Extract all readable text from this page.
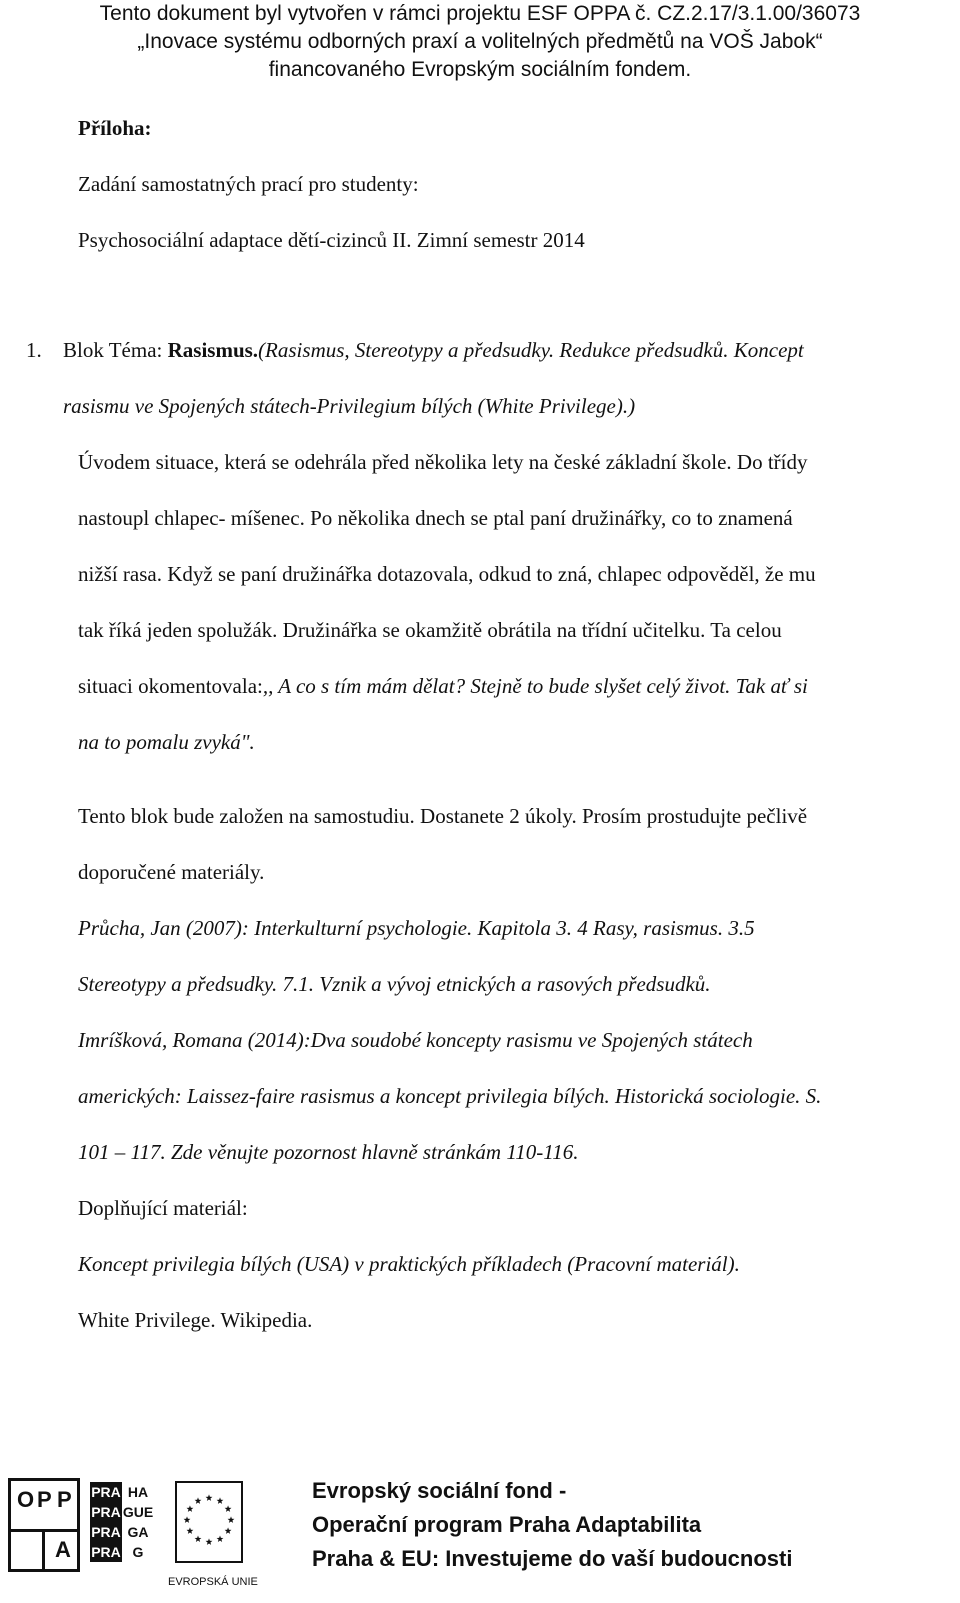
Tento dokument byl vytvořen v rámci projektu ESF OPPA č. CZ.2.17/3.1.00/36073
„Inovace systému odborných praxí a volitelných předmětů na VOŠ Jabok“
financovaného Evropským sociálním fondem.
Příloha:
Zadání samostatných prací pro studenty:
Psychosociální adaptace dětí-cizinců II. Zimní semestr 2014
1. Blok Téma: Rasismus.(Rasismus, Stereotypy a předsudky. Redukce předsudků. Koncept
rasismu ve Spojených státech-Privilegium bílých (White Privilege).)
Úvodem situace, která se odehrála před několika lety na české základní škole. Do třídy
nastoupl chlapec- míšenec. Po několika dnech se ptal paní družinářky, co to znamená
nižší rasa. Když se paní družinářka dotazovala, odkud to zná, chlapec odpověděl, že mu
tak říká jeden spolužák. Družinářka se okamžitě obrátila na třídní učitelku. Ta celou
situaci okomentovala:,, A co s tím mám dělat? Stejně to bude slyšet celý život. Tak ať si
na to pomalu zvyká".
Tento blok bude založen na samostudiu. Dostanete 2 úkoly. Prosím prostudujte pečlivě
doporučené materiály.
Průcha, Jan (2007): Interkulturní psychologie. Kapitola 3. 4 Rasy, rasismus. 3.5
Stereotypy a předsudky. 7.1. Vznik a vývoj etnických a rasových předsudků.
Imríšková, Romana (2014):Dva soudobé koncepty rasismu ve Spojených státech
amerických: Laissez-faire rasismus a koncept privilegia bílých. Historická sociologie. S.
101 – 117. Zde věnujte pozornost hlavně stránkám 110-116.
Doplňující materiál:
Koncept privilegia bílých (USA) v praktických příkladech (Pracovní materiál).
White Privilege. Wikipedia.
O P P
A
PRA HA
PRA GUE
PRA GA
PRA G
EVROPSKÁ UNIE
Evropský sociální fond -
Operační program Praha Adaptabilita
Praha & EU: Investujeme do vaší budoucnosti
